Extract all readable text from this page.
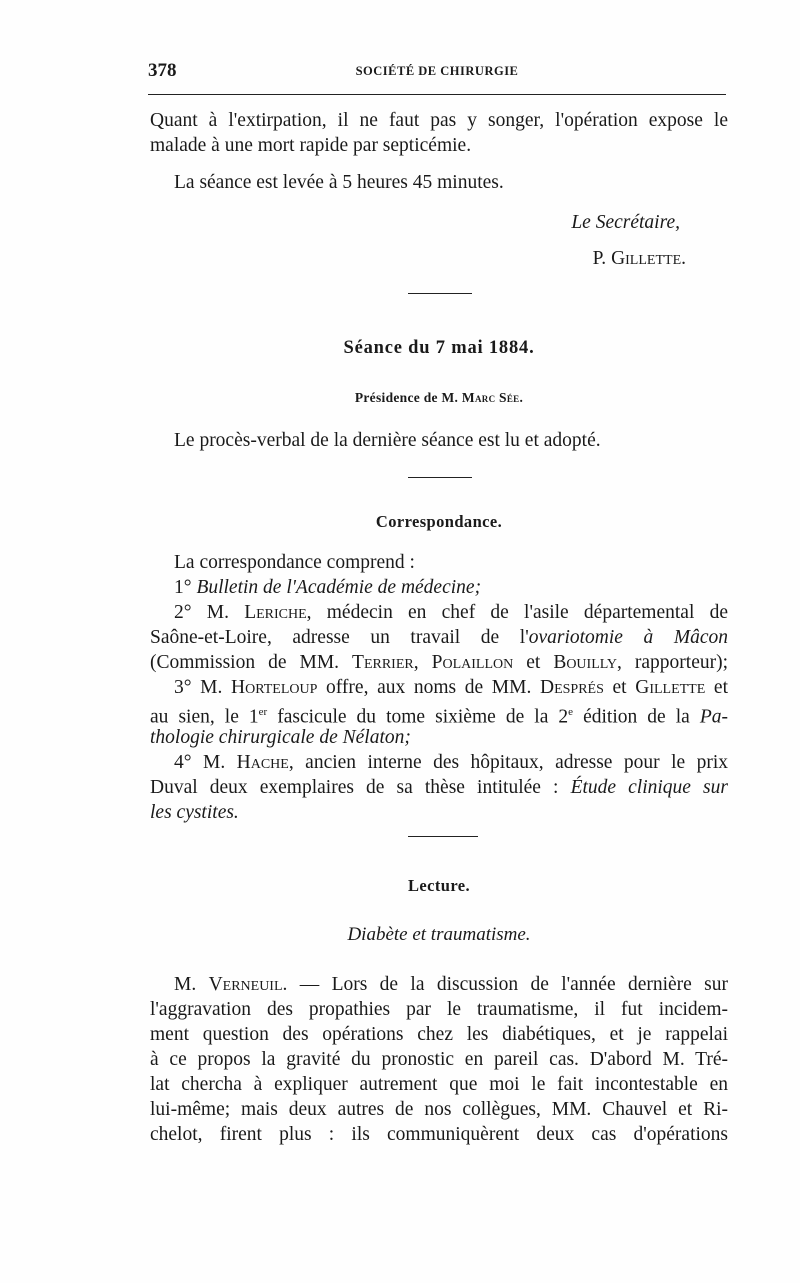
378	SOCIÉTÉ DE CHIRURGIE
Quant à l'extirpation, il ne faut pas y songer, l'opération expose le
malade à une mort rapide par septicémie.
La séance est levée à 5 heures 45 minutes.
Le Secrétaire,
P. Gillette.
Séance du 7 mai 1884.
Présidence de M. Marc Sée.
Le procès-verbal de la dernière séance est lu et adopté.
Correspondance.
La correspondance comprend :
1° Bulletin de l'Académie de médecine;
2° M. Leriche, médecin en chef de l'asile départemental de
Saône-et-Loire, adresse un travail de l'ovariotomie à Mâcon
(Commission de MM. Terrier, Polaillon et Bouilly, rapporteur);
3° M. Horteloup offre, aux noms de MM. Després et Gillette et
au sien, le 1er fascicule du tome sixième de la 2e édition de la Pa-
thologie chirurgicale de Nélaton;
4° M. Hache, ancien interne des hôpitaux, adresse pour le prix
Duval deux exemplaires de sa thèse intitulée : Étude clinique sur
les cystites.
Lecture.
Diabète et traumatisme.
M. Verneuil. — Lors de la discussion de l'année dernière sur
l'aggravation des propathies par le traumatisme, il fut incidem-
ment question des opérations chez les diabétiques, et je rappelai
à ce propos la gravité du pronostic en pareil cas. D'abord M. Tré-
lat chercha à expliquer autrement que moi le fait incontestable en
lui-même; mais deux autres de nos collègues, MM. Chauvel et Ri-
chelot, firent plus : ils communiquèrent deux cas d'opérations
